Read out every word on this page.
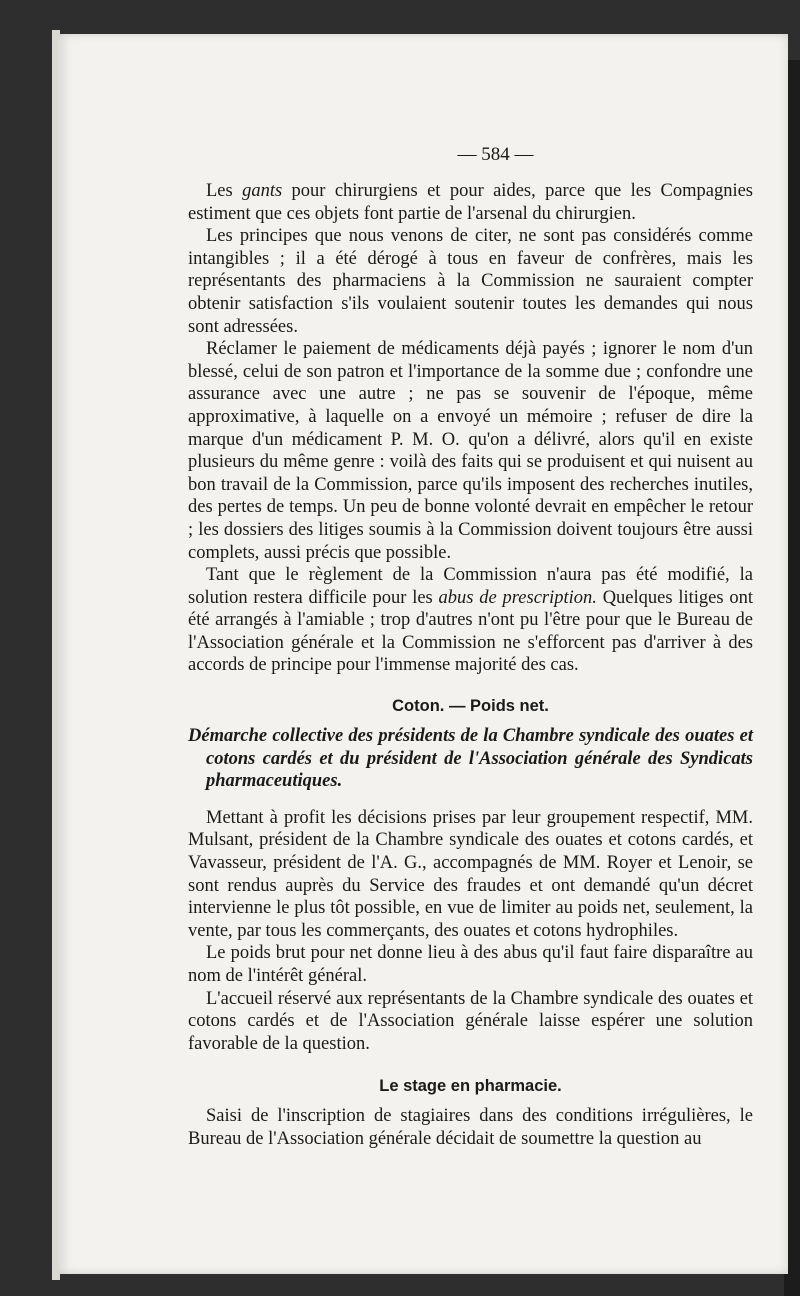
— 584 —

Les gants pour chirurgiens et pour aides, parce que les Compagnies estiment que ces objets font partie de l'arsenal du chirurgien.

Les principes que nous venons de citer, ne sont pas considérés comme intangibles ; il a été dérogé à tous en faveur de confrères, mais les représentants des pharmaciens à la Commission ne sauraient compter obtenir satisfaction s'ils voulaient soutenir toutes les demandes qui nous sont adressées.

Réclamer le paiement de médicaments déjà payés ; ignorer le nom d'un blessé, celui de son patron et l'importance de la somme due ; confondre une assurance avec une autre ; ne pas se souvenir de l'époque, même approximative, à laquelle on a envoyé un mémoire ; refuser de dire la marque d'un médicament P. M. O. qu'on a délivré, alors qu'il en existe plusieurs du même genre : voilà des faits qui se produisent et qui nuisent au bon travail de la Commission, parce qu'ils imposent des recherches inutiles, des pertes de temps. Un peu de bonne volonté devrait en empêcher le retour ; les dossiers des litiges soumis à la Commission doivent toujours être aussi complets, aussi précis que possible.

Tant que le règlement de la Commission n'aura pas été modifié, la solution restera difficile pour les abus de prescription. Quelques litiges ont été arrangés à l'amiable ; trop d'autres n'ont pu l'être pour que le Bureau de l'Association générale et la Commission ne s'efforcent pas d'arriver à des accords de principe pour l'immense majorité des cas.

Coton. — Poids net.

Démarche collective des présidents de la Chambre syndicale des ouates et cotons cardés et du président de l'Association générale des Syndicats pharmaceutiques.

Mettant à profit les décisions prises par leur groupement respectif, MM. Mulsant, président de la Chambre syndicale des ouates et cotons cardés, et Vavasseur, président de l'A. G., accompagnés de MM. Royer et Lenoir, se sont rendus auprès du Service des fraudes et ont demandé qu'un décret intervienne le plus tôt possible, en vue de limiter au poids net, seulement, la vente, par tous les commerçants, des ouates et cotons hydrophiles.

Le poids brut pour net donne lieu à des abus qu'il faut faire disparaître au nom de l'intérêt général.

L'accueil réservé aux représentants de la Chambre syndicale des ouates et cotons cardés et de l'Association générale laisse espérer une solution favorable de la question.

Le stage en pharmacie.

Saisi de l'inscription de stagiaires dans des conditions irrégulières, le Bureau de l'Association générale décidait de soumettre la question au
